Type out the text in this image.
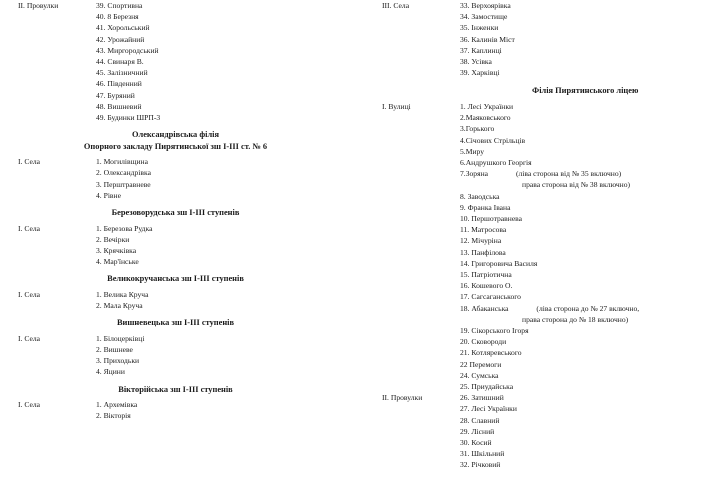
II. Провулки	39. Спортивна
40. 8 Березня
41. Хорольський
42. Урожайний
43. Миргородський
44. Свинаря В.
45. Залізничний
46. Південний
47. Буряний
48. Вишневий
49. Будинки ШРП-3
Олександрівська філія
Опорного закладу Пирятинської зш І-ІІІ ст. № 6
І. Села	1. Могилівщина
2. Олександрівка
3. Перштравневе
4. Рівне
Березоворудська зш І-ІІІ ступенів
І. Села	1. Березова Рудка
2. Вечірки
3. Крячківка
4. Мар'їнське
Великокручанська зш І-ІІІ ступенів
І. Села	1. Велика Круча
2. Мала Круча
Вишневецька зш І-ІІІ ступенів
І. Села	1. Білоцерківці
2. Вишневе
3. Приходьки
4. Яцини
Вікторійська зш І-ІІІ ступенів
І. Села	1. Архемівка
2. Вікторія
III. Села	33. Верхоярівка
34. Замостище
35. Інженки
36. Калинів Міст
37. Каплинці
38. Усівка
39. Харківці
Філія Пирятинського ліцею
І. Вулиці	1. Лесі Українки
2.Маяковського
3.Горького
4.Січових Стрільців
5.Миру
6.Андрушкого Георгія
7.Зоряна	(ліва сторона від № 35 включно)
права сторона від № 38 включно)
8. Заводська
9. Франка Івана
10. Першотравнева
11. Матросова
12. Мічуріна
13. Панфілова
14. Григоровича Василя
15. Патріотична
16. Кошевого О.
17. Сагсаганського
18. Абаканська	(ліва сторона до № 27 включно,
права сторона до № 18 включно)
19. Сікорського Ігоря
20. Сковороди
21. Котляревського
22 Перемоги
24. Сумська
25. Приудайська
II. Провулки	26. Затишний
27. Лесі Українки
28. Славний
29. Лісний
30. Косий
31. Шкільний
32. Річковий
